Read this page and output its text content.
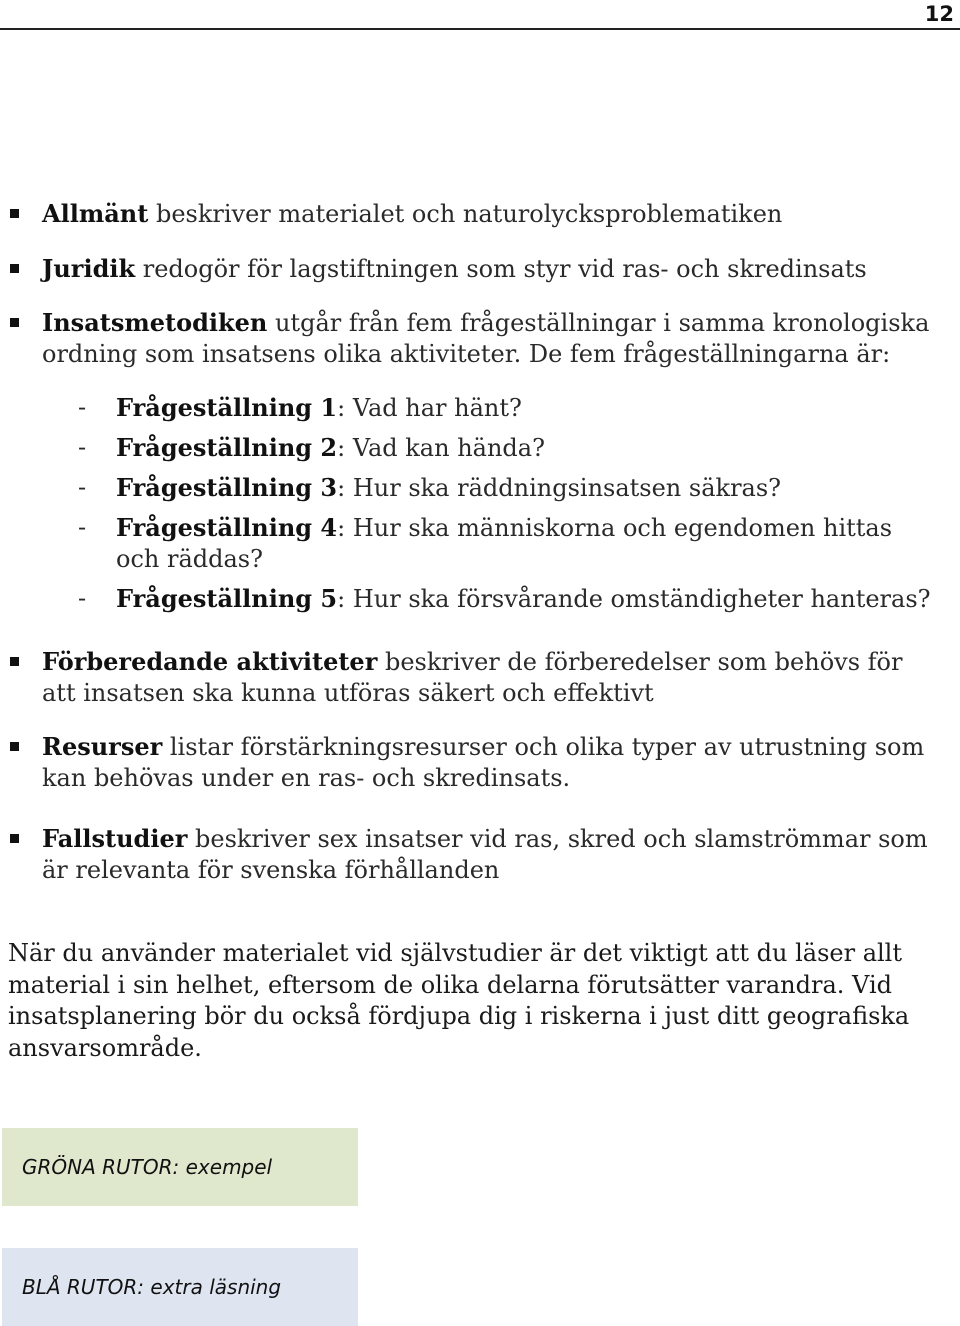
12
Allmänt beskriver materialet och naturolycksproblematiken
Juridik redogör för lagstiftningen som styr vid ras- och skredinsats
Insatsmetodiken utgår från fem frågeställningar i samma kronologiska ordning som insatsens olika aktiviteter. De fem frågeställningarna är:
-	Frågeställning 1: Vad har hänt?
-	Frågeställning 2: Vad kan hända?
-	Frågeställning 3: Hur ska räddningsinsatsen säkras?
-	Frågeställning 4: Hur ska människorna och egendomen hittas och räddas?
-	Frågeställning 5: Hur ska försvårande omständigheter hanteras?
Förberedande aktiviteter beskriver de förberedelser som behövs för att insatsen ska kunna utföras säkert och effektivt
Resurser listar förstärkningsresurser och olika typer av utrustning som kan behövas under en ras- och skredinsats.
Fallstudier beskriver sex insatser vid ras, skred och slamströmmar som är relevanta för svenska förhållanden
När du använder materialet vid självstudier är det viktigt att du läser allt material i sin helhet, eftersom de olika delarna förutsätter varandra. Vid insatsplanering bör du också fördjupa dig i riskerna i just ditt geografiska ansvarsområde.
GRÖNA RUTOR: exempel
BLÅ RUTOR: extra läsning
